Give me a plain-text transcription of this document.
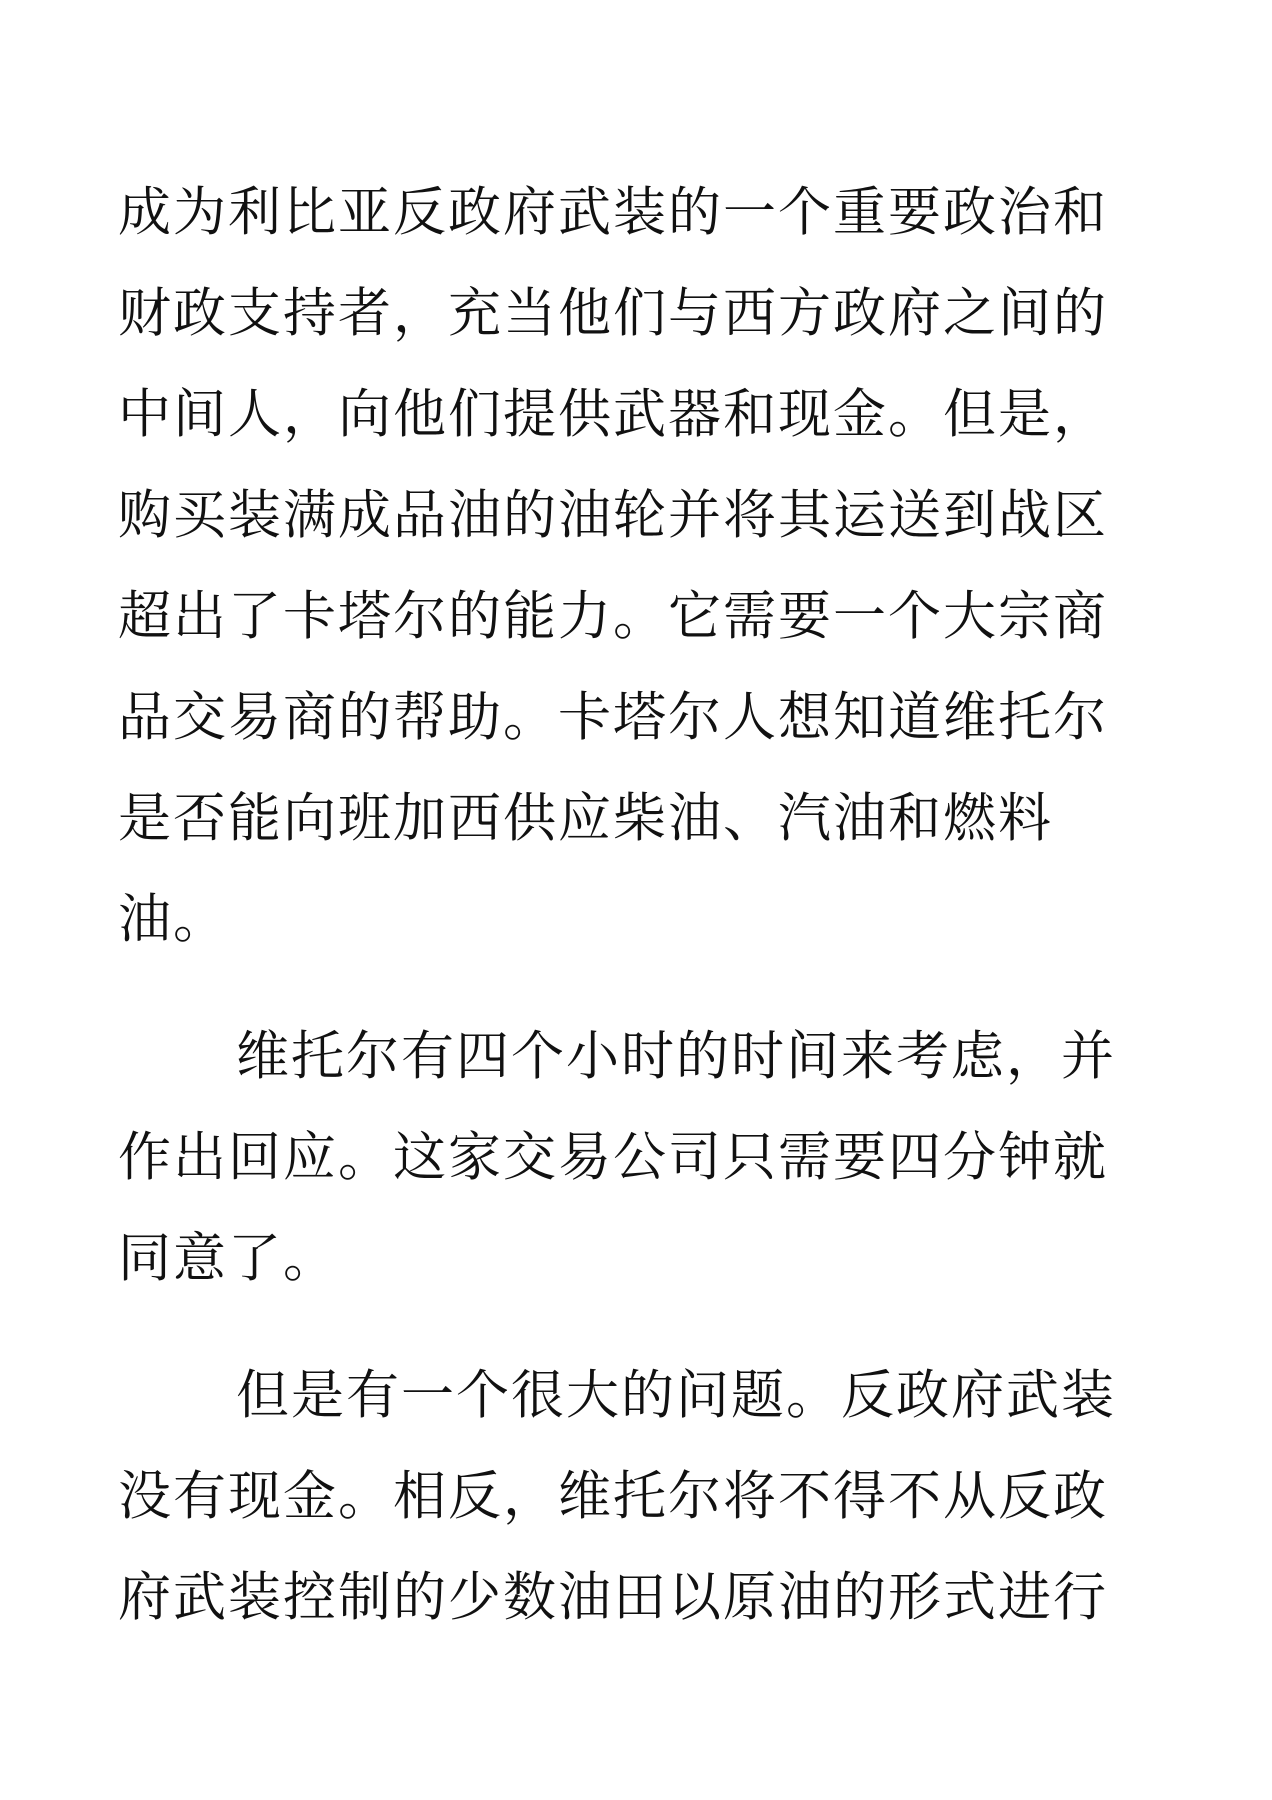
成为利比亚反政府武装的一个重要政治和
财政支持者，充当他们与西方政府之间的
中间人，向他们提供武器和现金。但是，
购买装满成品油的油轮并将其运送到战区
超出了卡塔尔的能力。它需要一个大宗商
品交易商的帮助。卡塔尔人想知道维托尔
是否能向班加西供应柴油、汽油和燃料
油。
维托尔有四个小时的时间来考虑，并
作出回应。这家交易公司只需要四分钟就
同意了。
但是有一个很大的问题。反政府武装
没有现金。相反，维托尔将不得不从反政
府武装控制的少数油田以原油的形式进行
